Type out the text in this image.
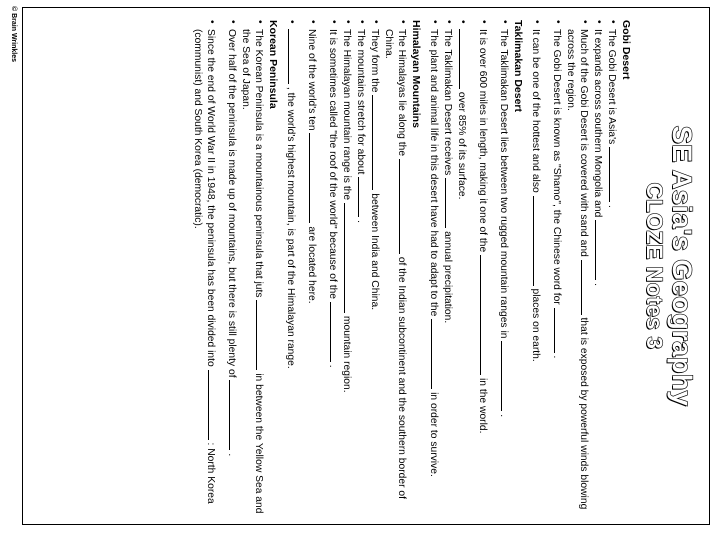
SE Asia's Geography
CLOZE Notes 3
Gobi Desert
• The Gobi Desert is Asia's  .
• It expands across southern Mongolia and  .
• Much of the Gobi Desert is covered with sand and  that is exposed by powerful winds blowing across the region.
• The Gobi Desert is known as "Shamo", the Chinese word for  .
• It can be one of the hottest and also  places on earth.
Taklimakan Desert
• The Taklimakan Desert lies between two rugged mountain ranges in  .
• It is over 600 miles in length, making it one of the  in the world.
• over 85% of its surface.
• The Taklimakan Desert receives  annual precipitation.
• The plant and animal life in this desert have had to adapt to the  in order to survive.
Himalayan Mountains
• The Himalayas lie along the  of the Indian subcontinent and the southern border of China.
• They form the  between India and China.
• The mountains stretch for about  .
• The Himalayan mountain range is the  mountain region.
• It is sometimes called "the roof of the world" because of the  .
• Nine of the world's ten  are located here.
• , the world's highest mountain, is part of the Himalayan range.
Korean Peninsula
• The Korean Peninsula is a mountainous peninsula that juts  in between the Yellow Sea and the Sea of Japan.
• Over half of the peninsula is made up of mountains, but there is still plenty of  .
• Since the end of World War II in 1948, the peninsula has been divided into  : North Korea (communist) and South Korea (democratic).
© Brain Wrinkles
